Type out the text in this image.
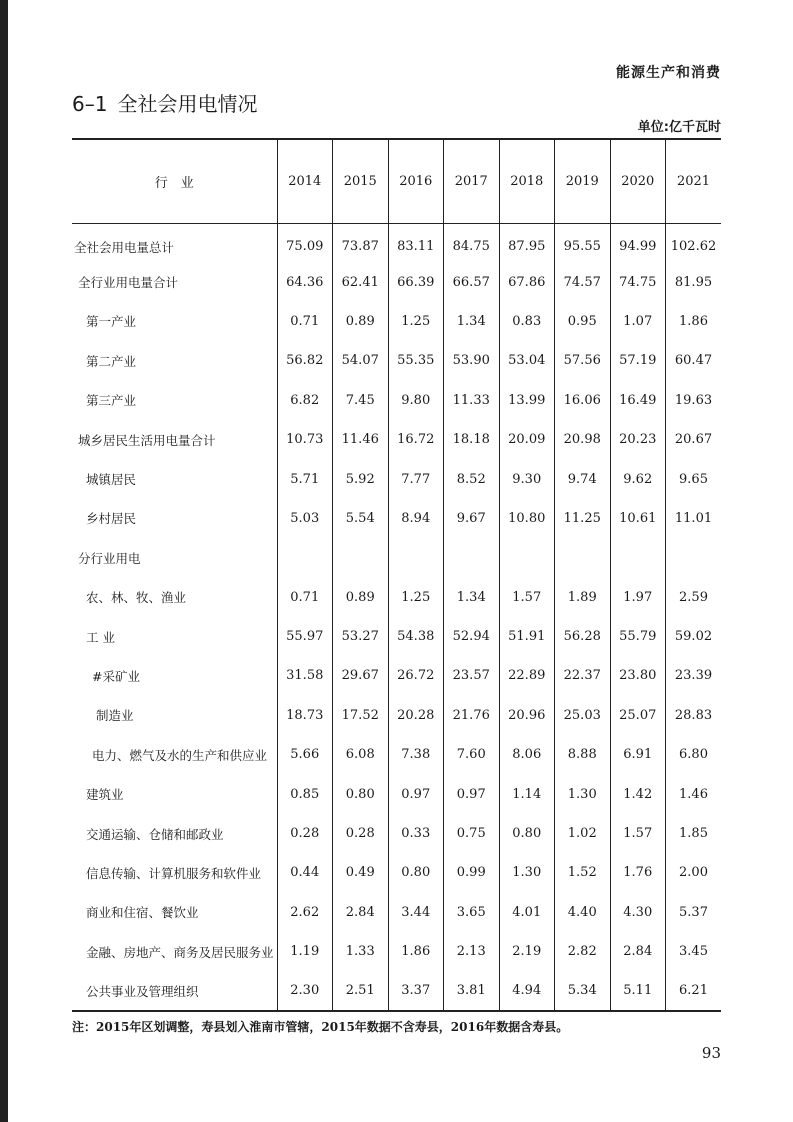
能源生产和消费
6–1 全社会用电情况
单位:亿千瓦时
行　业	2014	2015	2016	2017	2018	2019	2020	2021
全社会用电量总计	75.09	73.87	83.11	84.75	87.95	95.55	94.99	102.62
全行业用电量合计	64.36	62.41	66.39	66.57	67.86	74.57	74.75	81.95
第一产业	0.71	0.89	1.25	1.34	0.83	0.95	1.07	1.86
第二产业	56.82	54.07	55.35	53.90	53.04	57.56	57.19	60.47
第三产业	6.82	7.45	9.80	11.33	13.99	16.06	16.49	19.63
城乡居民生活用电量合计	10.73	11.46	16.72	18.18	20.09	20.98	20.23	20.67
城镇居民	5.71	5.92	7.77	8.52	9.30	9.74	9.62	9.65
乡村居民	5.03	5.54	8.94	9.67	10.80	11.25	10.61	11.01
分行业用电								
农、林、牧、渔业	0.71	0.89	1.25	1.34	1.57	1.89	1.97	2.59
工 业	55.97	53.27	54.38	52.94	51.91	56.28	55.79	59.02
#采矿业	31.58	29.67	26.72	23.57	22.89	22.37	23.80	23.39
制造业	18.73	17.52	20.28	21.76	20.96	25.03	25.07	28.83
电力、燃气及水的生产和供应业	5.66	6.08	7.38	7.60	8.06	8.88	6.91	6.80
建筑业	0.85	0.80	0.97	0.97	1.14	1.30	1.42	1.46
交通运输、仓储和邮政业	0.28	0.28	0.33	0.75	0.80	1.02	1.57	1.85
信息传输、计算机服务和软件业	0.44	0.49	0.80	0.99	1.30	1.52	1.76	2.00
商业和住宿、餐饮业	2.62	2.84	3.44	3.65	4.01	4.40	4.30	5.37
金融、房地产、商务及居民服务业	1.19	1.33	1.86	2.13	2.19	2.82	2.84	3.45
公共事业及管理组织	2.30	2.51	3.37	3.81	4.94	5.34	5.11	6.21
注：2015年区划调整，寿县划入淮南市管辖，2015年数据不含寿县，2016年数据含寿县。
93
